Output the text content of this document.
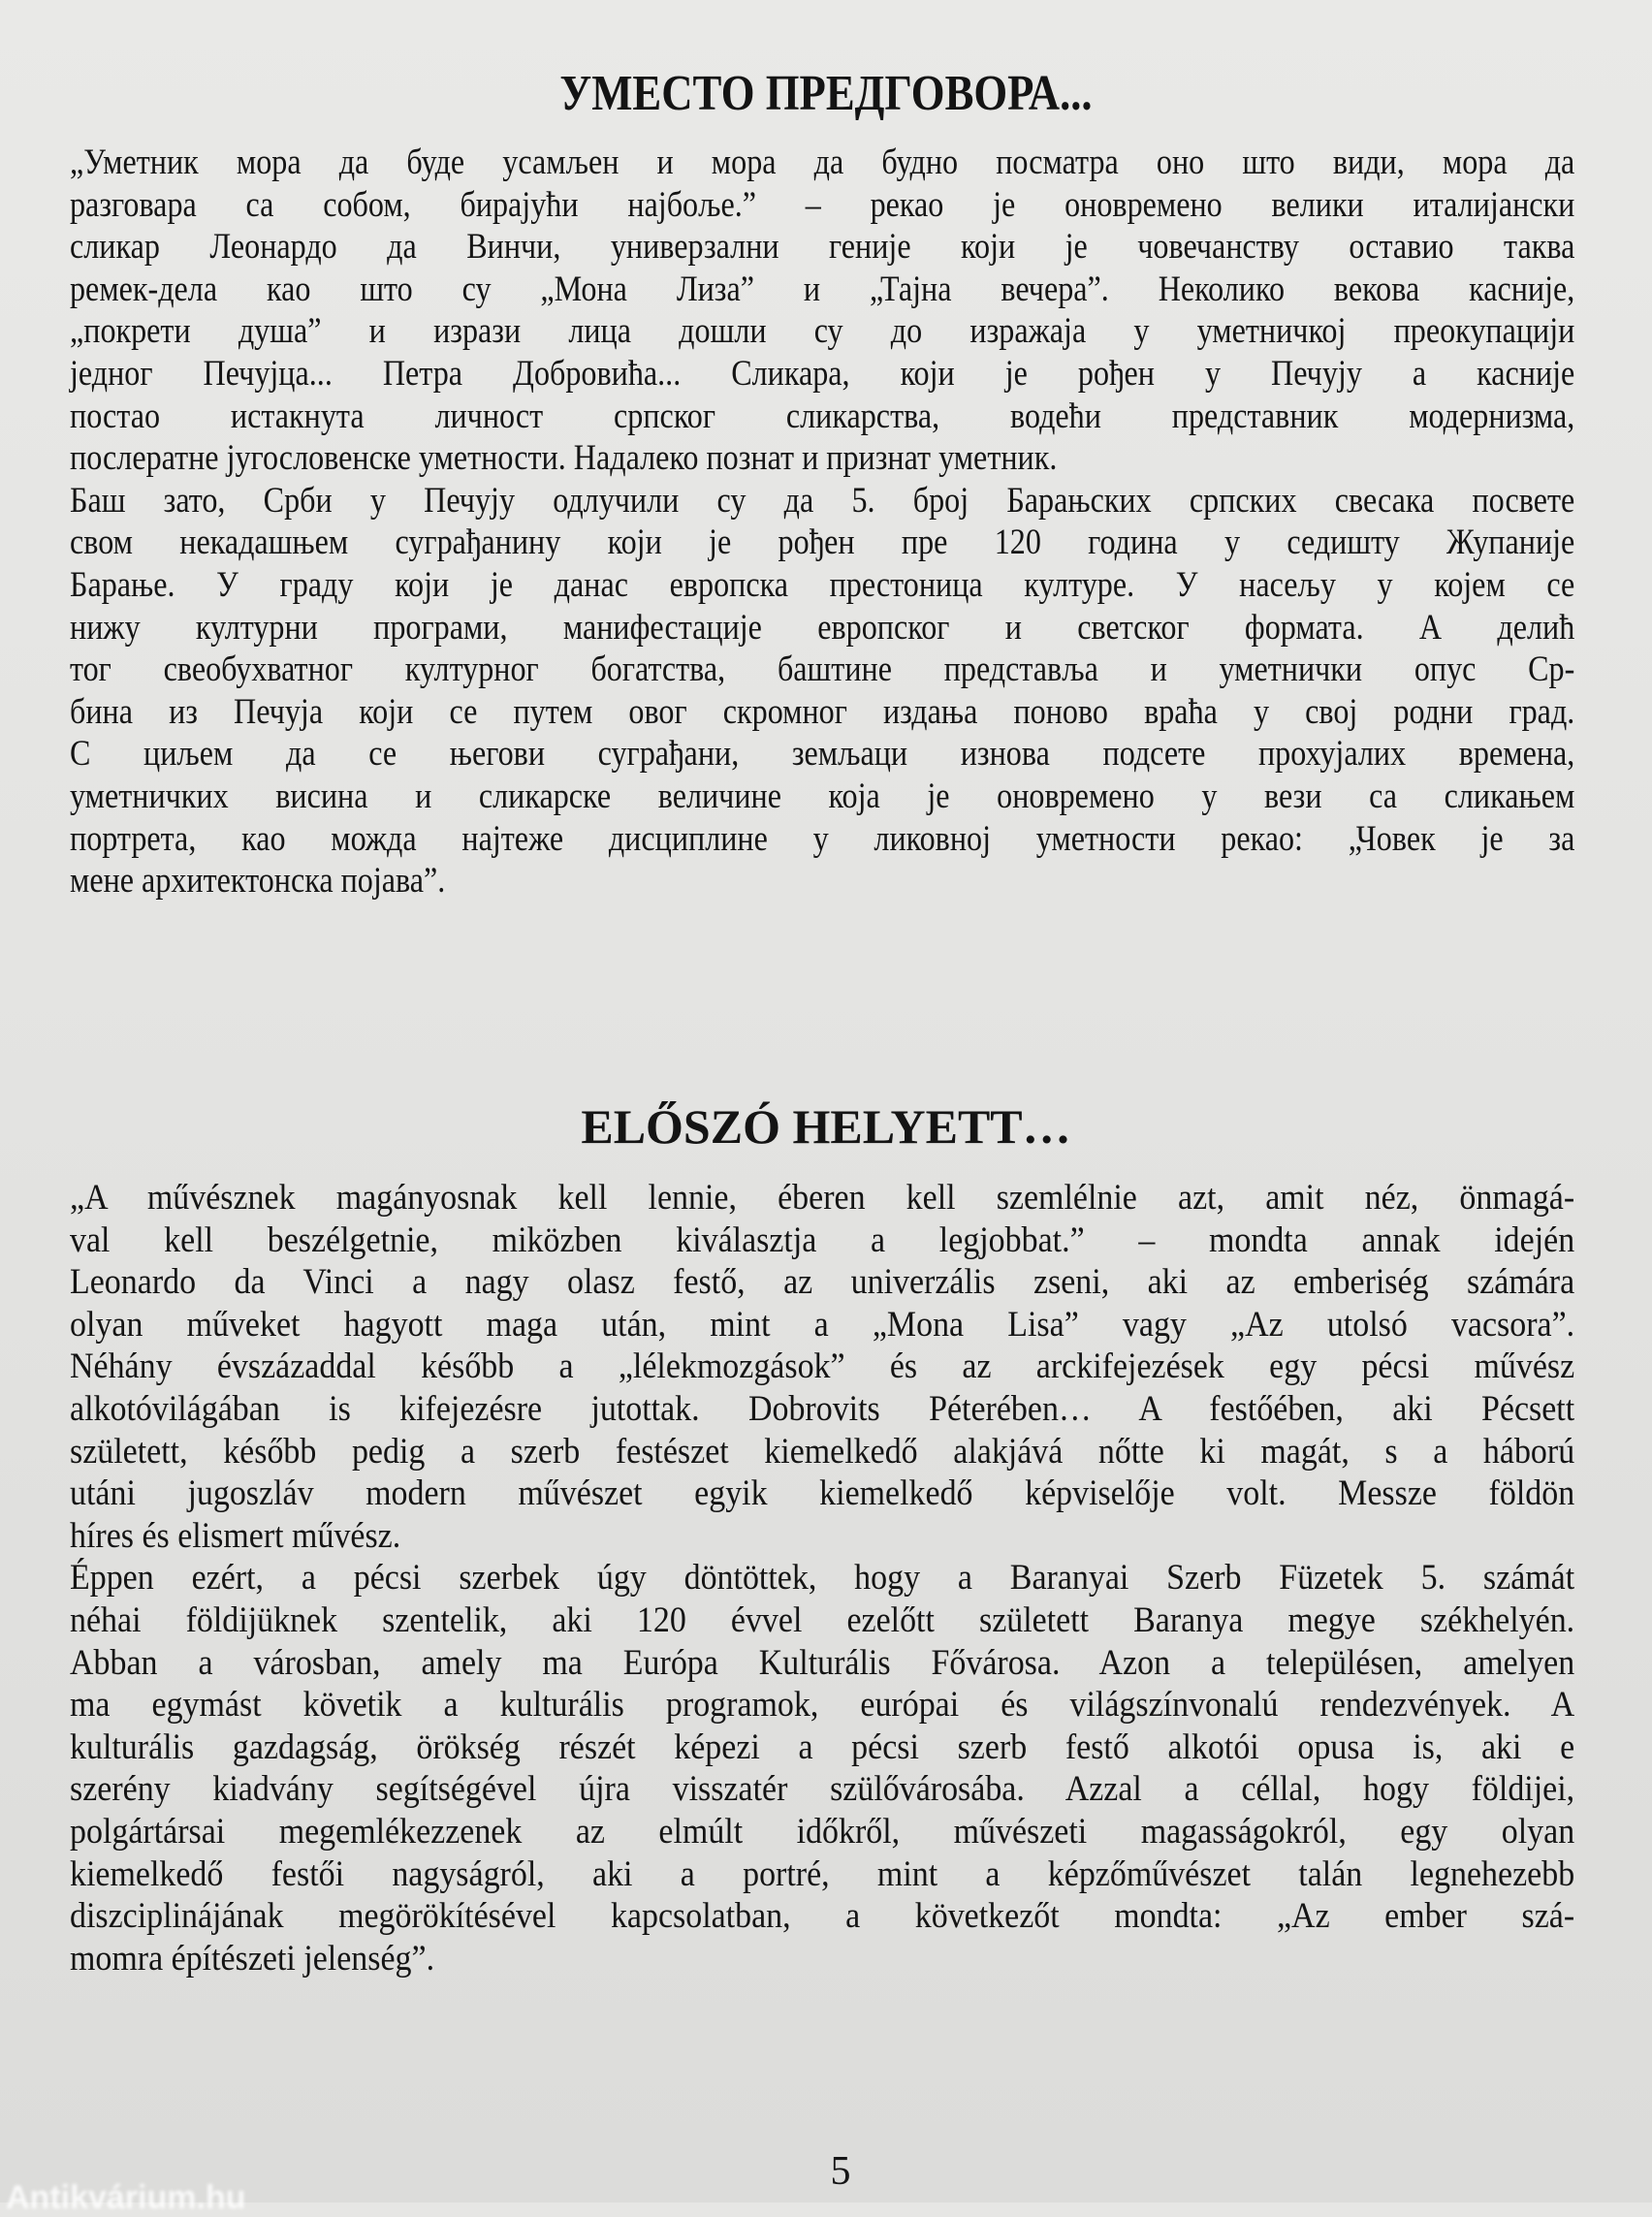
УМЕСТО ПРЕДГОВОРА...
„Уметник мора да буде усамљен и мора да будно посматра оно што види, мора да
разговара са собом, бирајући најбоље.” – рекао је оновремено велики италијански
сликар Леонардо да Винчи, универзални геније који је човечанству оставио таква
ремек-дела као што су „Мона Лиза” и „Тајна вечера”. Неколико векова касније,
„покрети душа” и изрази лица дошли су до изражаја у уметничкој преокупацији
једног Печујца... Петра Добровића... Сликара, који је рођен у Печују а касније
постао истакнута личност српског сликарства, водећи представник модернизма,
послератне југословенске уметности. Надалеко познат и признат уметник.
Баш зато, Срби у Печују одлучили су да 5. број Барањских српских свесака посвете
свом некадашњем суграђанину који је рођен пре 120 година у седишту Жупаније
Барање. У граду који је данас европска престоница културе. У насељу у којем се
нижу културни програми, манифестације европског и светског формата. А делић
тог свеобухватног културног богатства, баштине представља и уметнички опус Ср-
бина из Печуја који се путем овог скромног издања поново враћа у свој родни град.
С циљем да се његови суграђани, земљаци изнова подсете прохујалих времена,
уметничких висина и сликарске величине која је оновремено у вези са сликањем
портрета, као можда најтеже дисциплине у ликовној уметности рекао: „Човек је за
мене архитектонска појава”.
ELŐSZÓ HELYETT…
„A művésznek magányosnak kell lennie, éberen kell szemlélnie azt, amit néz, önmagá-
val kell beszélgetnie, miközben kiválasztja a legjobbat.” – mondta annak idején
Leonardo da Vinci a nagy olasz festő, az univerzális zseni, aki az emberiség számára
olyan műveket hagyott maga után, mint a „Mona Lisa” vagy „Az utolsó vacsora”.
Néhány évszázaddal később a „lélekmozgások” és az arckifejezések egy pécsi művész
alkotóvilágában is kifejezésre jutottak. Dobrovits Péterében… A festőében, aki Pécsett
született, később pedig a szerb festészet kiemelkedő alakjává nőtte ki magát, s a háború
utáni jugoszláv modern művészet egyik kiemelkedő képviselője volt. Messze földön
híres és elismert művész.
Éppen ezért, a pécsi szerbek úgy döntöttek, hogy a Baranyai Szerb Füzetek 5. számát
néhai földijüknek szentelik, aki 120 évvel ezelőtt született Baranya megye székhelyén.
Abban a városban, amely ma Európa Kulturális Fővárosa. Azon a településen, amelyen
ma egymást követik a kulturális programok, európai és világszínvonalú rendezvények. A
kulturális gazdagság, örökség részét képezi a pécsi szerb festő alkotói opusa is, aki e
szerény kiadvány segítségével újra visszatér szülővárosába. Azzal a céllal, hogy földijei,
polgártársai megemlékezzenek az elmúlt időkről, művészeti magasságokról, egy olyan
kiemelkedő festői nagyságról, aki a portré, mint a képzőművészet talán legnehezebb
diszciplinájának megörökítésével kapcsolatban, a következőt mondta: „Az ember szá-
momra építészeti jelenség”.
5
Antikvárium.hu
